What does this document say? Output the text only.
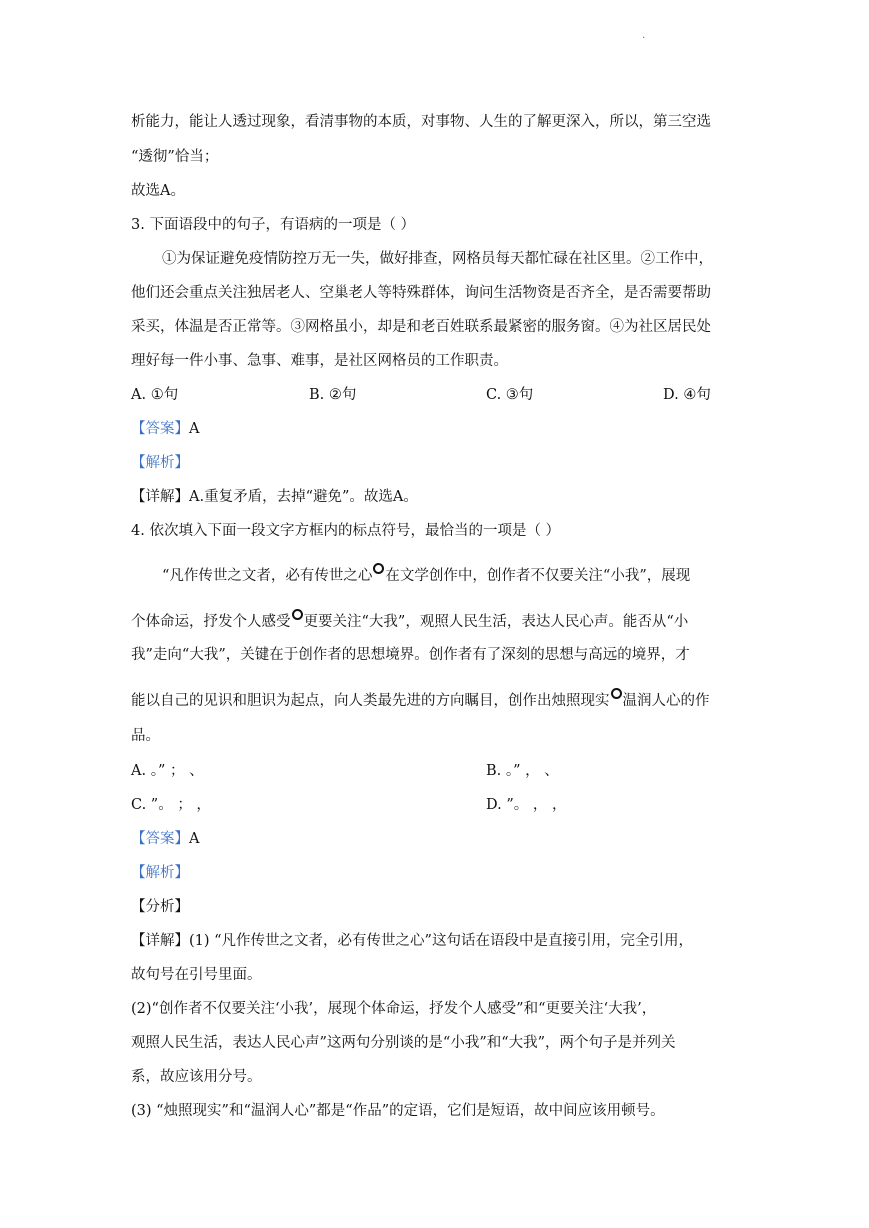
.
析能力，能让人透过现象，看清事物的本质，对事物、人生的了解更深入，所以，第三空选
“透彻”恰当；
故选A。
3. 下面语段中的句子，有语病的一项是（ ）
①为保证避免疫情防控万无一失，做好排查，网格员每天都忙碌在社区里。②工作中，
他们还会重点关注独居老人、空巢老人等特殊群体，询问生活物资是否齐全，是否需要帮助
采买，体温是否正常等。③网格虽小，却是和老百姓联系最紧密的服务窗。④为社区居民处
理好每一件小事、急事、难事，是社区网格员的工作职责。
A. ①句	B. ②句	C. ③句	D. ④句
【答案】A
【解析】
【详解】A.重复矛盾，去掉“避免”。故选A。
4. 依次填入下面一段文字方框内的标点符号，最恰当的一项是（ ）
“凡作传世之文者，必有传世之心 在文学创作中，创作者不仅要关注“小我”，展现
个体命运，抒发个人感受 更要关注“大我”，观照人民生活，表达人民心声。能否从“小
我”走向“大我”，关键在于创作者的思想境界。创作者有了深刻的思想与高远的境界，才
能以自己的见识和胆识为起点，向人类最先进的方向瞩目，创作出烛照现实 温润人心的作
品。
A. 。” ； 、	B. 。” ， 、
C. ”。 ； ，	D. ”。 ， ，
【答案】A
【解析】
【分析】
【详解】(1) “凡作传世之文者，必有传世之心”这句话在语段中是直接引用，完全引用，
故句号在引号里面。
(2)“创作者不仅要关注‘小我’，展现个体命运，抒发个人感受”和“更要关注‘大我’，
观照人民生活，表达人民心声”这两句分别谈的是“小我”和“大我”，两个句子是并列关
系，故应该用分号。
(3) “烛照现实”和“温润人心”都是“作品”的定语，它们是短语，故中间应该用顿号。
